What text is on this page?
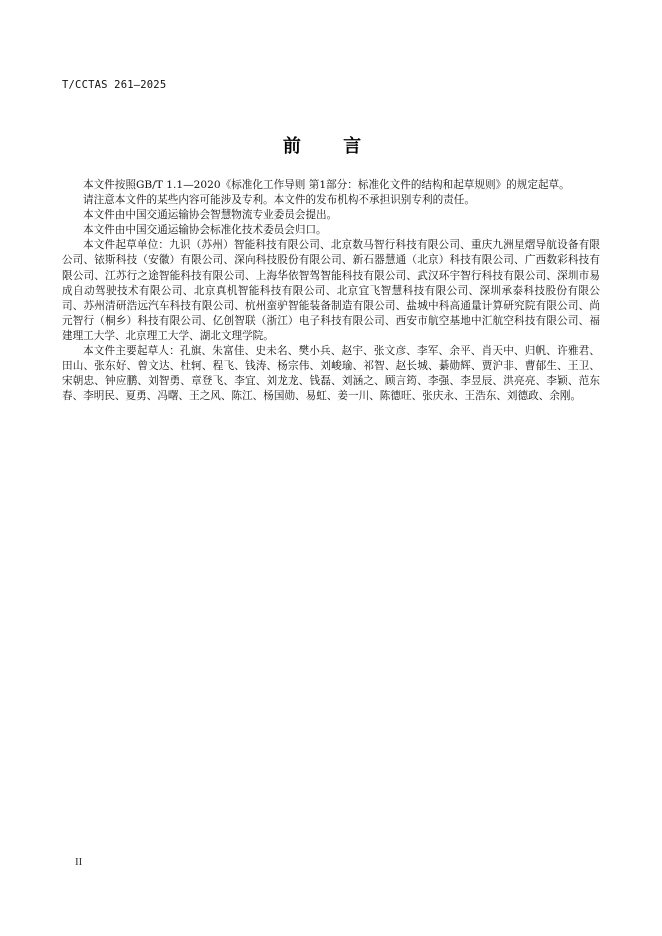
T/CCTAS 261—2025
前 言

本文件按照GB/T 1.1—2020《标准化工作导则 第1部分：标准化文件的结构和起草规则》的规定起草。

请注意本文件的某些内容可能涉及专利。本文件的发布机构不承担识别专利的责任。

本文件由中国交通运输协会智慧物流专业委员会提出。

本文件由中国交通运输协会标准化技术委员会归口。

本文件起草单位：九识（苏州）智能科技有限公司、北京数马智行科技有限公司、重庆九洲星熠导航设备有限公司、铱斯科技（安徽）有限公司、深向科技股份有限公司、新石器慧通（北京）科技有限公司、广西数彩科技有限公司、江苏行之途智能科技有限公司、上海华依智驾智能科技有限公司、武汉环宇智行科技有限公司、深圳市易成自动驾驶技术有限公司、北京真机智能科技有限公司、北京宜飞智慧科技有限公司、深圳承泰科技股份有限公司、苏州清研浩远汽车科技有限公司、杭州蛮驴智能装备制造有限公司、盐城中科高通量计算研究院有限公司、尚元智行（桐乡）科技有限公司、亿创智联（浙江）电子科技有限公司、西安市航空基地中汇航空科技有限公司、福建理工大学、北京理工大学、湖北文理学院。

本文件主要起草人：孔旗、朱富佳、史未名、樊小兵、赵宇、张文彦、李军、余平、肖天中、归帆、许雅君、田山、张东好、曾文达、杜轲、程飞、钱涛、杨宗伟、刘峻瑜、祁智、赵长城、綦勋辉、贾沪非、曹郁生、王卫、宋朝忠、钟应鹏、刘智勇、章登飞、李宜、刘龙龙、钱磊、刘涵之、顾言筠、李强、李昱辰、洪亮亮、李颖、范东春、李明民、夏勇、冯曙、王之风、陈江、杨国勋、易虹、姜一川、陈德旺、张庆永、王浩东、刘德政、余刚。

II
